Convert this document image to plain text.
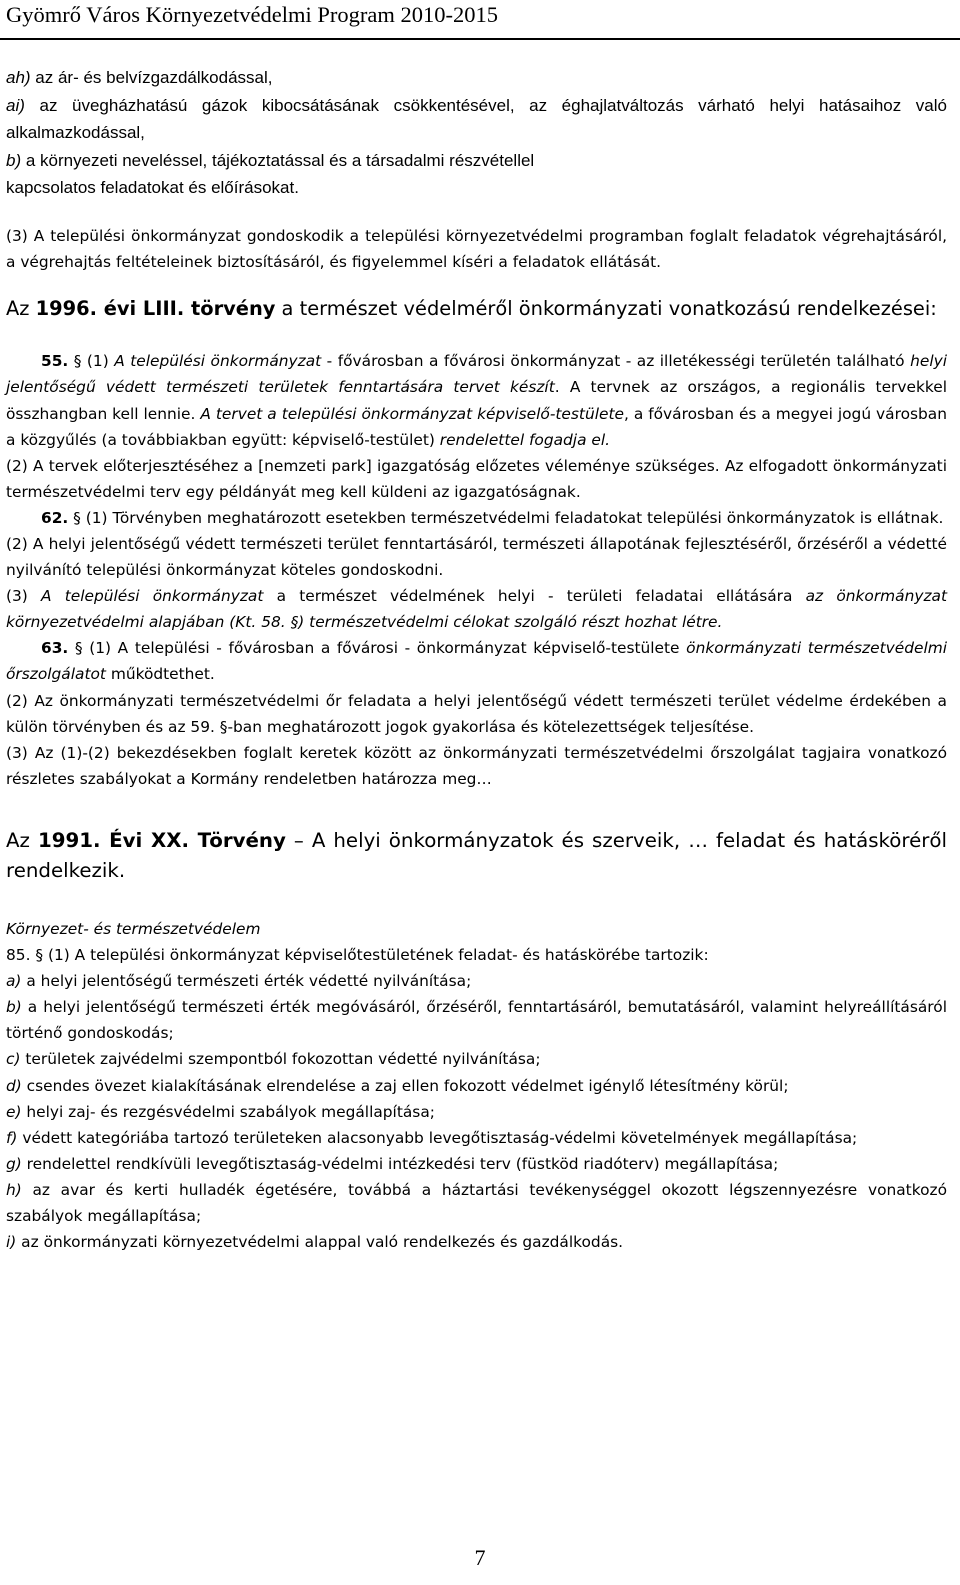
Gyömrő Város Környezetvédelmi Program 2010-2015

ah) az ár- és belvízgazdálkodással,

ai) az üvegházhatású gázok kibocsátásának csökkentésével, az éghajlatváltozás várható helyi hatásaihoz való alkalmazkodással,

b) a környezeti neveléssel, tájékoztatással és a társadalmi részvétellel

kapcsolatos feladatokat és előírásokat.

(3) A települési önkormányzat gondoskodik a települési környezetvédelmi programban foglalt feladatok végrehajtásáról, a végrehajtás feltételeinek biztosításáról, és figyelemmel kíséri a feladatok ellátását.

Az 1996. évi LIII. törvény a természet védelméről önkormányzati vonatkozású rendelkezései:

55. § (1) A települési önkormányzat - fővárosban a fővárosi önkormányzat - az illetékességi területén található helyi jelentőségű védett természeti területek fenntartására tervet készít. A tervnek az országos, a regionális tervekkel összhangban kell lennie. A tervet a települési önkormányzat képviselő-testülete, a fővárosban és a megyei jogú városban a közgyűlés (a továbbiakban együtt: képviselő-testület) rendelettel fogadja el.

(2) A tervek előterjesztéséhez a [nemzeti park] igazgatóság előzetes véleménye szükséges. Az elfogadott önkormányzati természetvédelmi terv egy példányát meg kell küldeni az igazgatóságnak.

62. § (1) Törvényben meghatározott esetekben természetvédelmi feladatokat települési önkormányzatok is ellátnak.

(2) A helyi jelentőségű védett természeti terület fenntartásáról, természeti állapotának fejlesztéséről, őrzéséről a védetté nyilvánító települési önkormányzat köteles gondoskodni.

(3) A települési önkormányzat a természet védelmének helyi - területi feladatai ellátására az önkormányzat környezetvédelmi alapjában (Kt. 58. §) természetvédelmi célokat szolgáló részt hozhat létre.

63. § (1) A települési - fővárosban a fővárosi - önkormányzat képviselő-testülete önkormányzati természetvédelmi őrszolgálatot működtethet.

(2) Az önkormányzati természetvédelmi őr feladata a helyi jelentőségű védett természeti terület védelme érdekében a külön törvényben és az 59. §-ban meghatározott jogok gyakorlása és kötelezettségek teljesítése.

(3) Az (1)-(2) bekezdésekben foglalt keretek között az önkormányzati természetvédelmi őrszolgálat tagjaira vonatkozó részletes szabályokat a Kormány rendeletben határozza meg…

Az 1991. Évi XX. Törvény – A helyi önkormányzatok és szerveik, … feladat és hatásköréről rendelkezik.

Környezet- és természetvédelem

85. § (1) A települési önkormányzat képviselőtestületének feladat- és hatáskörébe tartozik:

a) a helyi jelentőségű természeti érték védetté nyilvánítása;

b) a helyi jelentőségű természeti érték megóvásáról, őrzéséről, fenntartásáról, bemutatásáról, valamint helyreállításáról történő gondoskodás;

c) területek zajvédelmi szempontból fokozottan védetté nyilvánítása;

d) csendes övezet kialakításának elrendelése a zaj ellen fokozott védelmet igénylő létesítmény körül;

e) helyi zaj- és rezgésvédelmi szabályok megállapítása;

f) védett kategóriába tartozó területeken alacsonyabb levegőtisztaság-védelmi követelmények megállapítása;

g) rendelettel rendkívüli levegőtisztaság-védelmi intézkedési terv (füstköd riadóterv) megállapítása;

h) az avar és kerti hulladék égetésére, továbbá a háztartási tevékenységgel okozott légszennyezésre vonatkozó szabályok megállapítása;

i) az önkormányzati környezetvédelmi alappal való rendelkezés és gazdálkodás.

7
